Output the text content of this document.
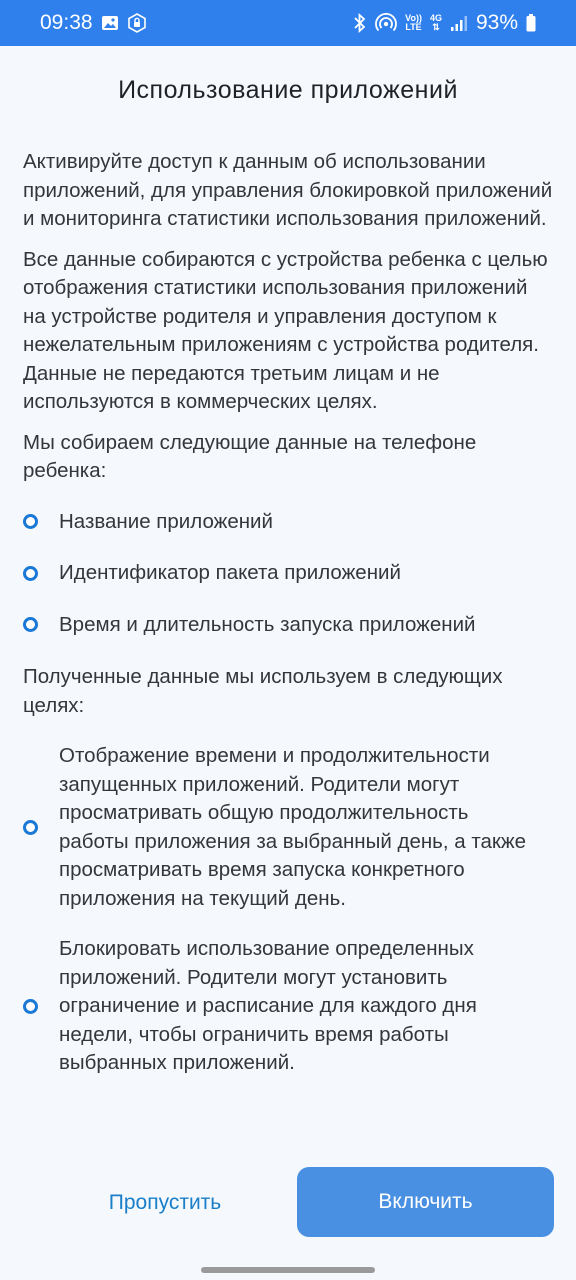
09:38	Vo))
LTE
4G
⇅ 93%
Использование приложений

Активируйте доступ к данным об использовании приложений, для управления блокировкой приложений и мониторинга статистики использования приложений.

Все данные собираются с устройства ребенка с целью отображения статистики использования приложений на устройстве родителя и управления доступом к нежелательным приложениям с устройства родителя. Данные не передаются третьим лицам и не используются в коммерческих целях.

Мы собираем следующие данные на телефоне ребенка:

Название приложений
Идентификатор пакета приложений
Время и длительность запуска приложений

Полученные данные мы используем в следующих целях:

Отображение времени и продолжительности запущенных приложений. Родители могут просматривать общую продолжительность работы приложения за выбранный день, а также просматривать время запуска конкретного приложения на текущий день.
Блокировать использование определенных приложений. Родители могут установить ограничение и расписание для каждого дня недели, чтобы ограничить время работы выбранных приложений.
Пропустить	Включить
